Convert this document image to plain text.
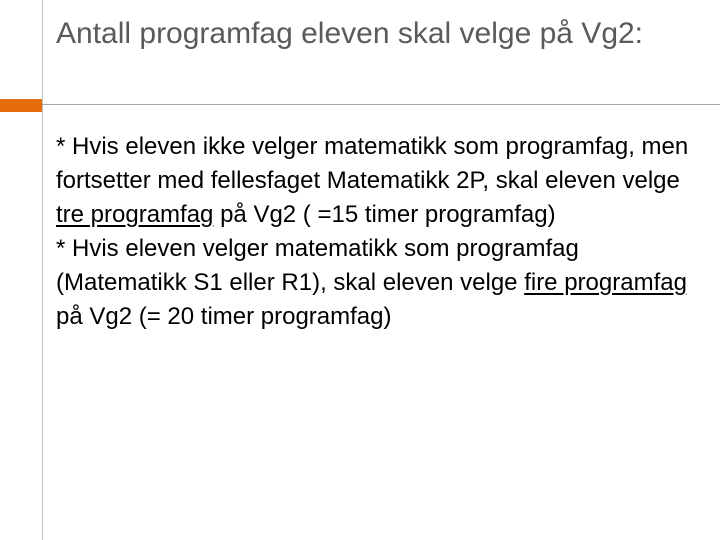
Antall programfag eleven skal velge på Vg2:

* Hvis eleven ikke velger matematikk som programfag, men fortsetter med fellesfaget Matematikk 2P, skal eleven velge tre programfag på Vg2 ( =15 timer programfag)

* Hvis eleven velger matematikk som programfag (Matematikk S1 eller R1), skal eleven velge fire programfag på Vg2 (= 20 timer programfag)
